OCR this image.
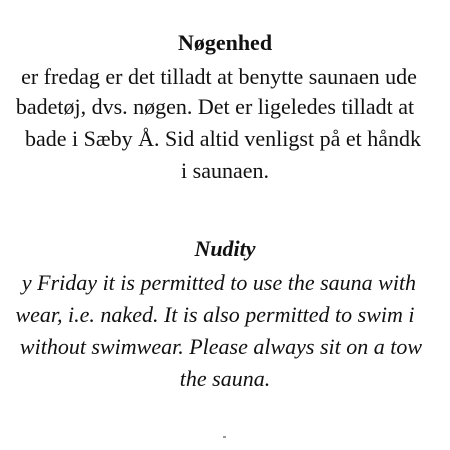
Nøgenhed
er fredag er det tilladt at benytte saunaen ude
badetøj, dvs. nøgen. Det er ligeledes tilladt at
bade i Sæby Å. Sid altid venligst på et håndk
i saunaen.
Nudity
y Friday it is permitted to use the sauna with
wear, i.e. naked. It is also permitted to swim i
without swimwear. Please always sit on a tow
the sauna.
